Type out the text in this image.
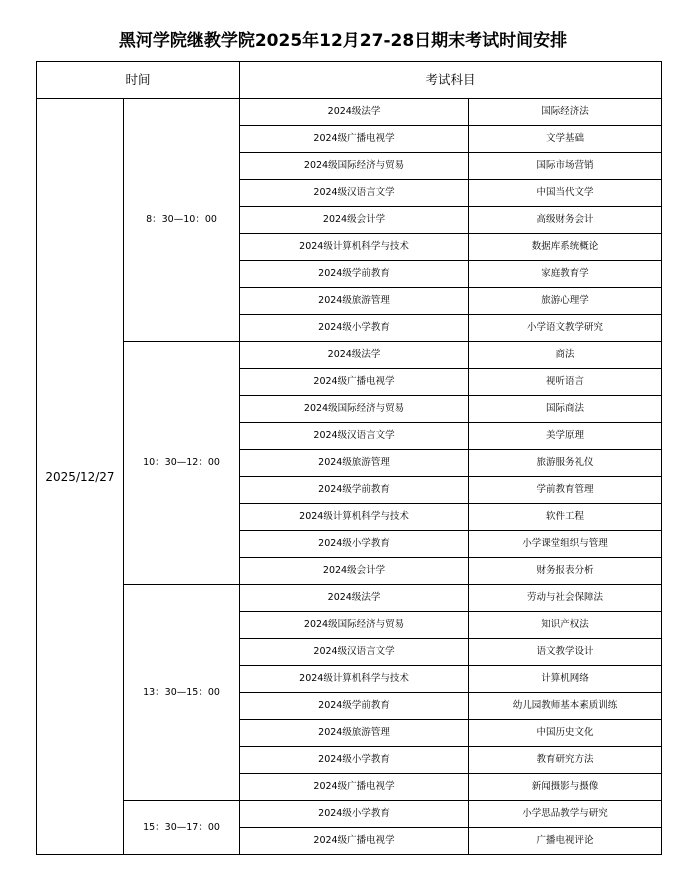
黑河学院继教学院2025年12月27-28日期末考试时间安排
时间		考试科目	
2025/12/27	8：30—10：00	2024级法学	国际经济法
		2024级广播电视学	文学基础
		2024级国际经济与贸易	国际市场营销
		2024级汉语言文学	中国当代文学
		2024级会计学	高级财务会计
		2024级计算机科学与技术	数据库系统概论
		2024级学前教育	家庭教育学
		2024级旅游管理	旅游心理学
		2024级小学教育	小学语文教学研究
	10：30—12：00	2024级法学	商法
		2024级广播电视学	视听语言
		2024级国际经济与贸易	国际商法
		2024级汉语言文学	美学原理
		2024级旅游管理	旅游服务礼仪
		2024级学前教育	学前教育管理
		2024级计算机科学与技术	软件工程
		2024级小学教育	小学课堂组织与管理
		2024级会计学	财务报表分析
	13：30—15：00	2024级法学	劳动与社会保障法
		2024级国际经济与贸易	知识产权法
		2024级汉语言文学	语文教学设计
		2024级计算机科学与技术	计算机网络
		2024级学前教育	幼儿园教师基本素质训练
		2024级旅游管理	中国历史文化
		2024级小学教育	教育研究方法
		2024级广播电视学	新闻摄影与摄像
	15：30—17：00	2024级小学教育	小学思品教学与研究
		2024级广播电视学	广播电视评论
